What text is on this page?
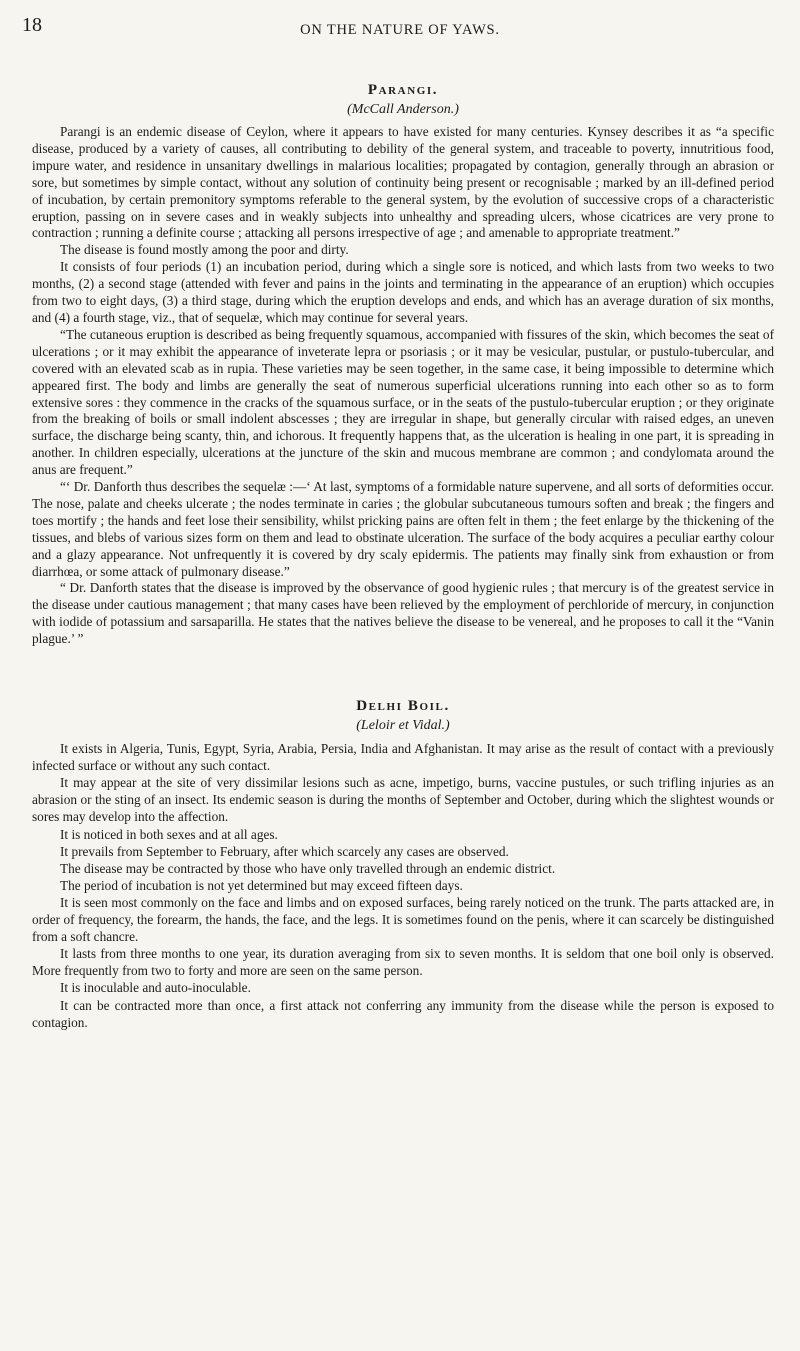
18	ON THE NATURE OF YAWS.
Parangi.
(McCall Anderson.)

Parangi is an endemic disease of Ceylon, where it appears to have existed for many centuries. Kynsey describes it as “a specific disease, produced by a variety of causes, all contributing to debility of the general system, and traceable to poverty, innutritious food, impure water, and residence in unsanitary dwellings in malarious localities; propagated by contagion, generally through an abrasion or sore, but sometimes by simple contact, without any solution of continuity being present or recognisable ; marked by an ill-defined period of incubation, by certain premonitory symptoms referable to the general system, by the evolution of successive crops of a characteristic eruption, passing on in severe cases and in weakly subjects into unhealthy and spreading ulcers, whose cicatrices are very prone to contraction ; running a definite course ; attacking all persons irrespective of age ; and amenable to appropriate treatment.”

The disease is found mostly among the poor and dirty.

It consists of four periods (1) an incubation period, during which a single sore is noticed, and which lasts from two weeks to two months, (2) a second stage (attended with fever and pains in the joints and terminating in the appearance of an eruption) which occupies from two to eight days, (3) a third stage, during which the eruption develops and ends, and which has an average duration of six months, and (4) a fourth stage, viz., that of sequelæ, which may continue for several years.

“The cutaneous eruption is described as being frequently squamous, accompanied with fissures of the skin, which becomes the seat of ulcerations ; or it may exhibit the appearance of inveterate lepra or psoriasis ; or it may be vesicular, pustular, or pustulo-tubercular, and covered with an elevated scab as in rupia. These varieties may be seen together, in the same case, it being impossible to determine which appeared first. The body and limbs are generally the seat of numerous superficial ulcerations running into each other so as to form extensive sores : they commence in the cracks of the squamous surface, or in the seats of the pustulo-tubercular eruption ; or they originate from the breaking of boils or small indolent abscesses ; they are irregular in shape, but generally circular with raised edges, an uneven surface, the discharge being scanty, thin, and ichorous. It frequently happens that, as the ulceration is healing in one part, it is spreading in another. In children especially, ulcerations at the juncture of the skin and mucous membrane are common ; and condylomata around the anus are frequent.”

“‘ Dr. Danforth thus describes the sequelæ :—‘ At last, symptoms of a formidable nature supervene, and all sorts of deformities occur. The nose, palate and cheeks ulcerate ; the nodes terminate in caries ; the globular subcutaneous tumours soften and break ; the fingers and toes mortify ; the hands and feet lose their sensibility, whilst pricking pains are often felt in them ; the feet enlarge by the thickening of the tissues, and blebs of various sizes form on them and lead to obstinate ulceration. The surface of the body acquires a peculiar earthy colour and a glazy appearance. Not unfrequently it is covered by dry scaly epidermis. The patients may finally sink from exhaustion or from diarrhœa, or some attack of pulmonary disease.”

“ Dr. Danforth states that the disease is improved by the observance of good hygienic rules ; that mercury is of the greatest service in the disease under cautious management ; that many cases have been relieved by the employment of perchloride of mercury, in conjunction with iodide of potassium and sarsaparilla. He states that the natives believe the disease to be venereal, and he proposes to call it the “Vanin plague.’ ”

Delhi Boil.
(Leloir et Vidal.)

It exists in Algeria, Tunis, Egypt, Syria, Arabia, Persia, India and Afghanistan. It may arise as the result of contact with a previously infected surface or without any such contact.

It may appear at the site of very dissimilar lesions such as acne, impetigo, burns, vaccine pustules, or such trifling injuries as an abrasion or the sting of an insect. Its endemic season is during the months of September and October, during which the slightest wounds or sores may develop into the affection.

It is noticed in both sexes and at all ages.

It prevails from September to February, after which scarcely any cases are observed.

The disease may be contracted by those who have only travelled through an endemic district.

The period of incubation is not yet determined but may exceed fifteen days.

It is seen most commonly on the face and limbs and on exposed surfaces, being rarely noticed on the trunk. The parts attacked are, in order of frequency, the forearm, the hands, the face, and the legs. It is sometimes found on the penis, where it can scarcely be distinguished from a soft chancre.

It lasts from three months to one year, its duration averaging from six to seven months. It is seldom that one boil only is observed. More frequently from two to forty and more are seen on the same person.

It is inoculable and auto-inoculable.

It can be contracted more than once, a first attack not conferring any immunity from the disease while the person is exposed to contagion.
